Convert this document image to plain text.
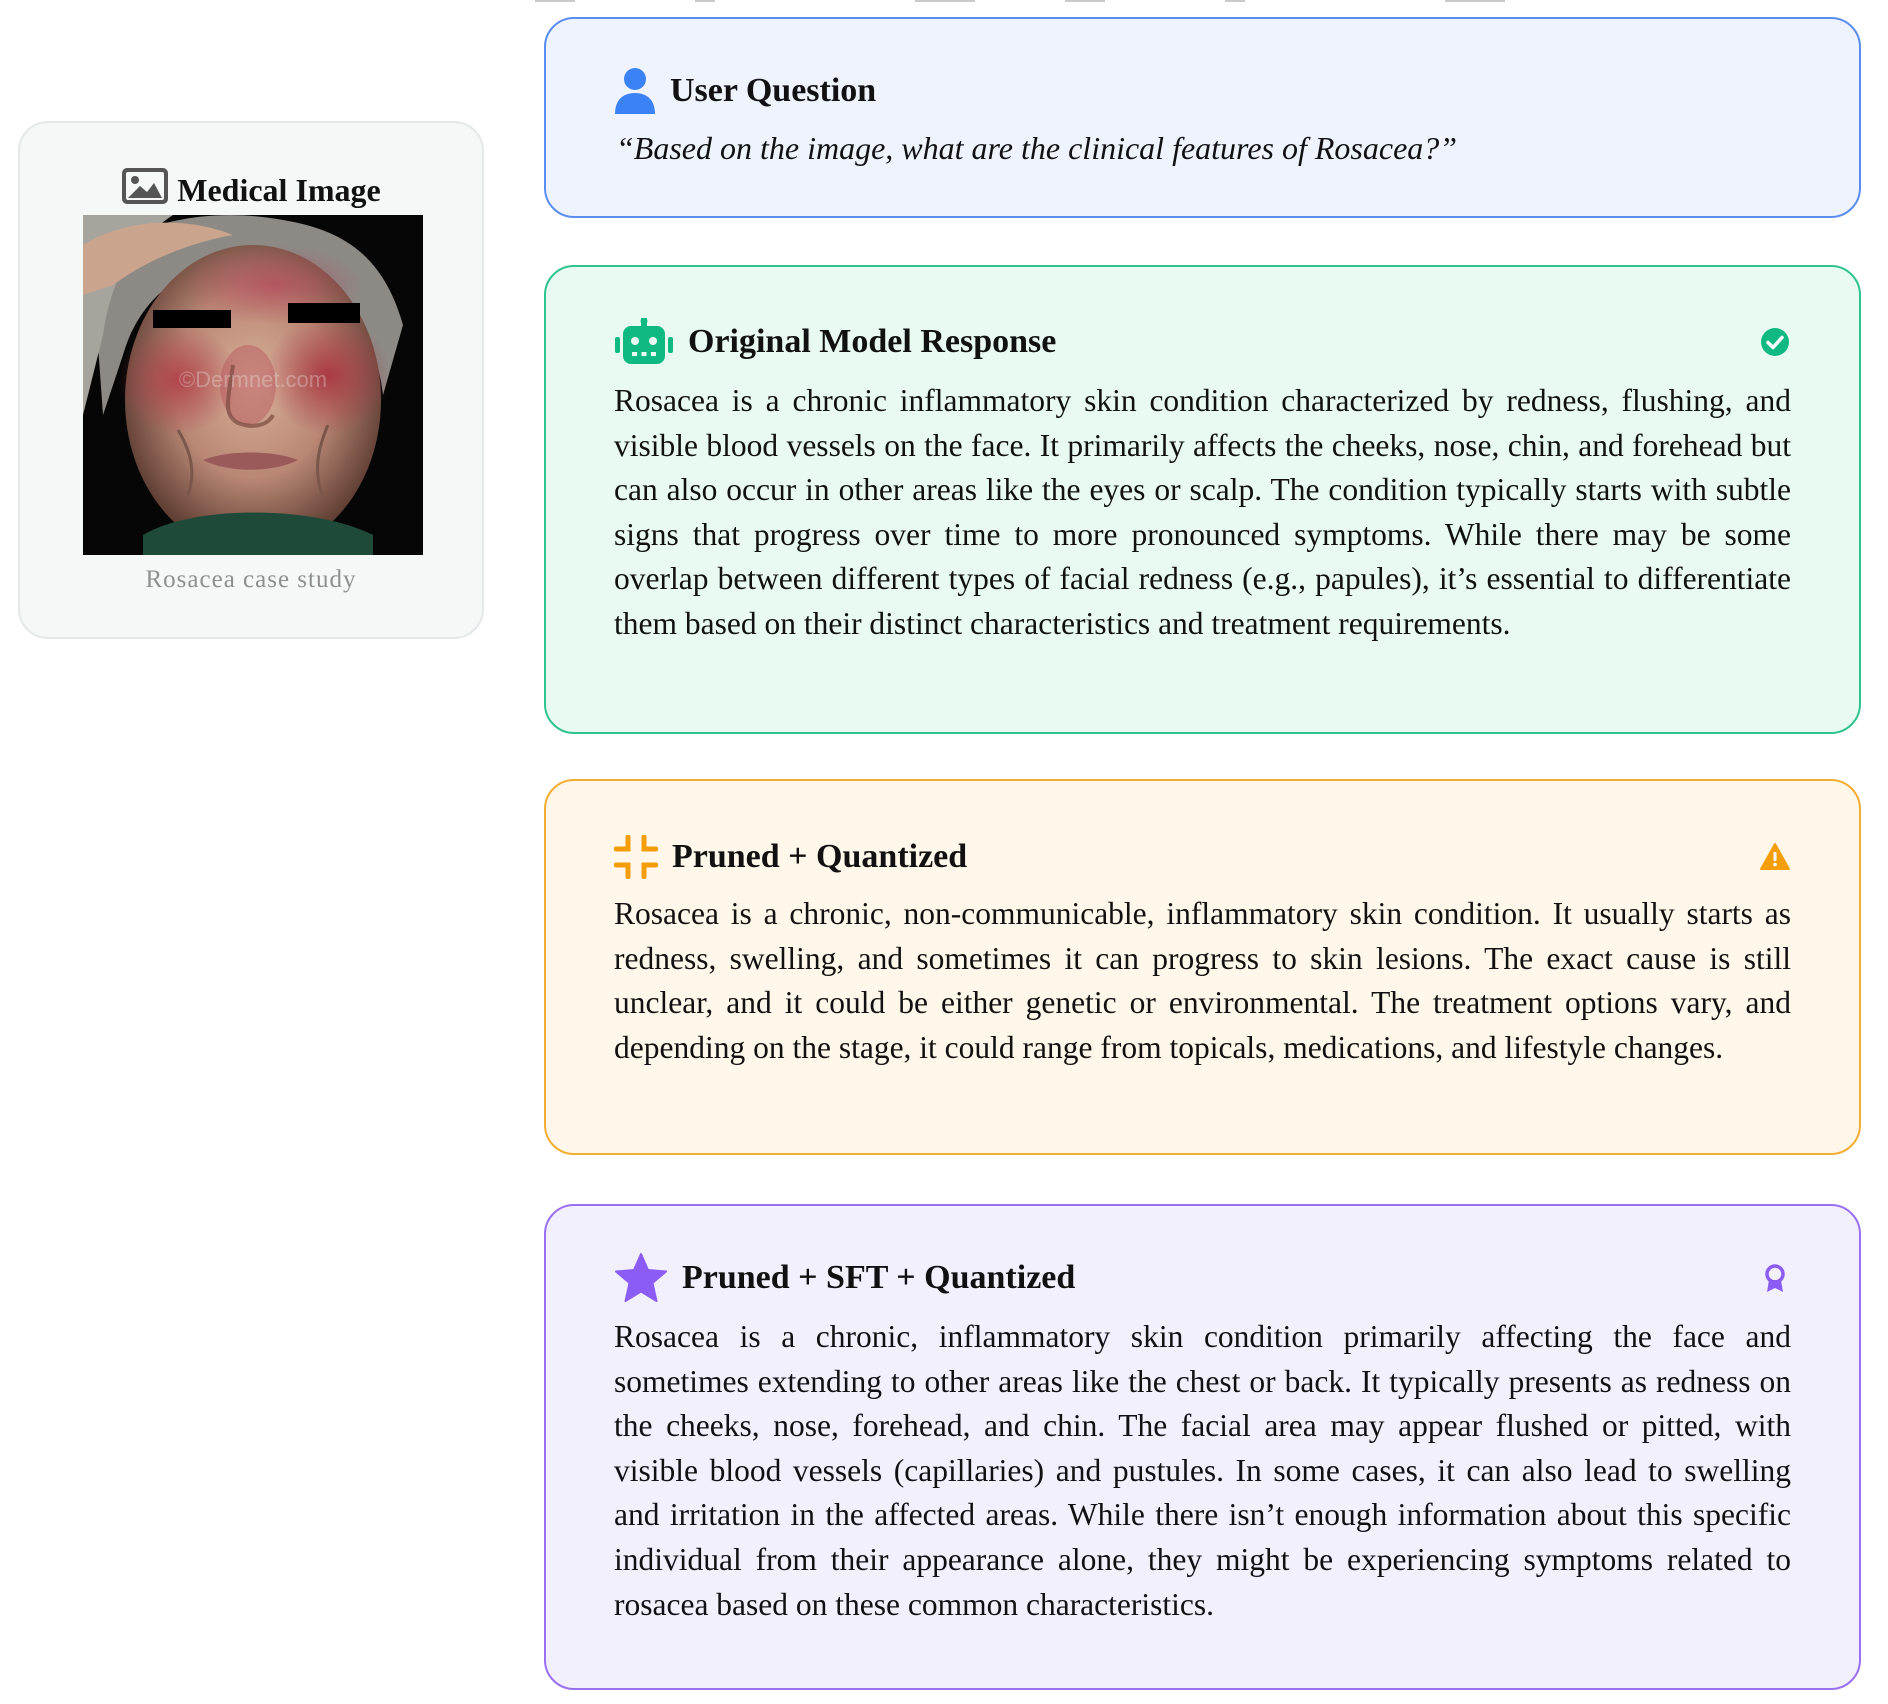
Medical Image
©Dermnet.com
Rosacea case study
User Question
“Based on the image, what are the clinical features of Rosacea?”
Original Model Response
Rosacea is a chronic inflammatory skin condition characterized by redness, flushing, and visible blood vessels on the face. It primarily affects the cheeks, nose, chin, and forehead but can also occur in other areas like the eyes or scalp. The condition typically starts with subtle signs that progress over time to more pronounced symptoms. While there may be some overlap between different types of facial redness (e.g., papules), it’s essential to differentiate them based on their distinct characteristics and treatment requirements.
Pruned + Quantized
Rosacea is a chronic, non-communicable, inflammatory skin condition. It usually starts as redness, swelling, and sometimes it can progress to skin lesions. The exact cause is still unclear, and it could be either genetic or environmental. The treatment options vary, and depending on the stage, it could range from topicals, medications, and lifestyle changes.
Pruned + SFT + Quantized
Rosacea is a chronic, inflammatory skin condition primarily affecting the face and sometimes extending to other areas like the chest or back. It typically presents as redness on the cheeks, nose, forehead, and chin. The facial area may appear flushed or pitted, with visible blood vessels (capillaries) and pustules. In some cases, it can also lead to swelling and irritation in the affected areas. While there isn’t enough information about this specific individual from their appearance alone, they might be experiencing symptoms related to rosacea based on these common characteristics.
